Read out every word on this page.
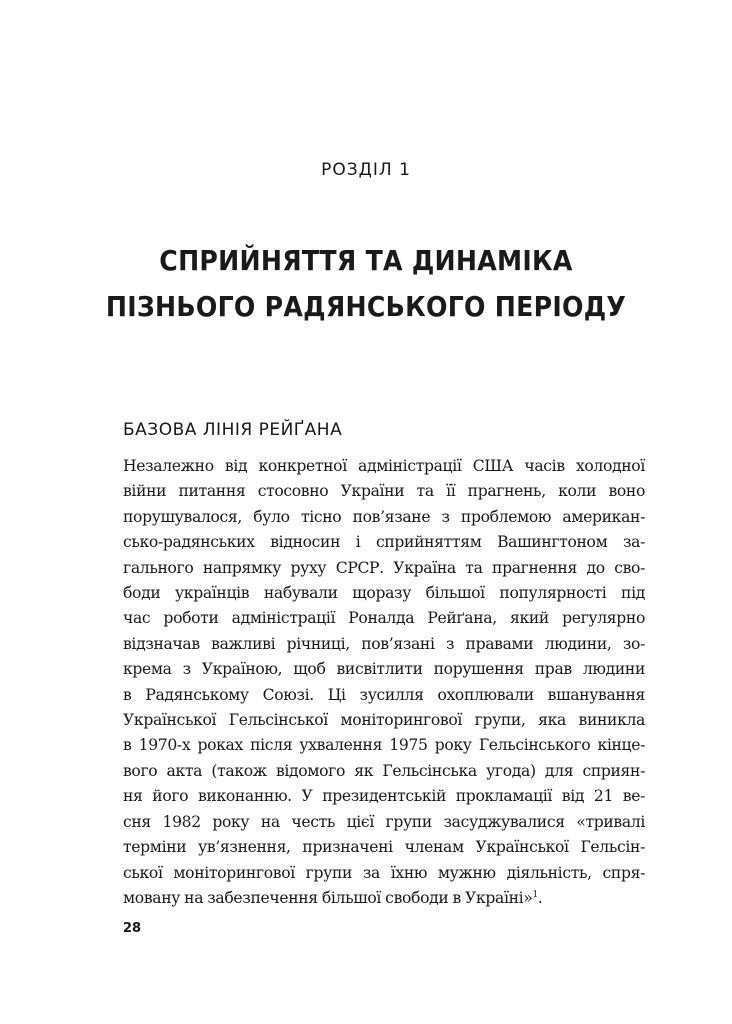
РОЗДІЛ 1
СПРИЙНЯТТЯ ТА ДИНАМІКА
ПІЗНЬОГО РАДЯНСЬКОГО ПЕРІОДУ
БАЗОВА ЛІНІЯ РЕЙҐАНА
Незалежно від конкретної адміністрації США часів холодної
війни питання стосовно України та її прагнень, коли воно
порушувалося, було тісно пов’язане з проблемою американ-
сько-радянських відносин і сприйняттям Вашингтоном за-
гального напрямку руху СРСР. Україна та прагнення до сво-
боди українців набували щоразу більшої популярності під
час роботи адміністрації Роналда Рейґана, який регулярно
відзначав важливі річниці, пов’язані з правами людини, зо-
крема з Україною, щоб висвітлити порушення прав людини
в Радянському Союзі. Ці зусилля охоплювали вшанування
Української Гельсінської моніторингової групи, яка виникла
в 1970-х роках після ухвалення 1975 року Гельсінського кінце-
вого акта (також відомого як Гельсінська угода) для сприян-
ня його виконанню. У президентській прокламації від 21 ве-
сня 1982 року на честь цієї групи засуджувалися «тривалі
терміни ув’язнення, призначені членам Української Гельсін-
ської моніторингової групи за їхню мужню діяльність, спря-
мовану на забезпечення більшої свободи в Україні»$^1$.
28
